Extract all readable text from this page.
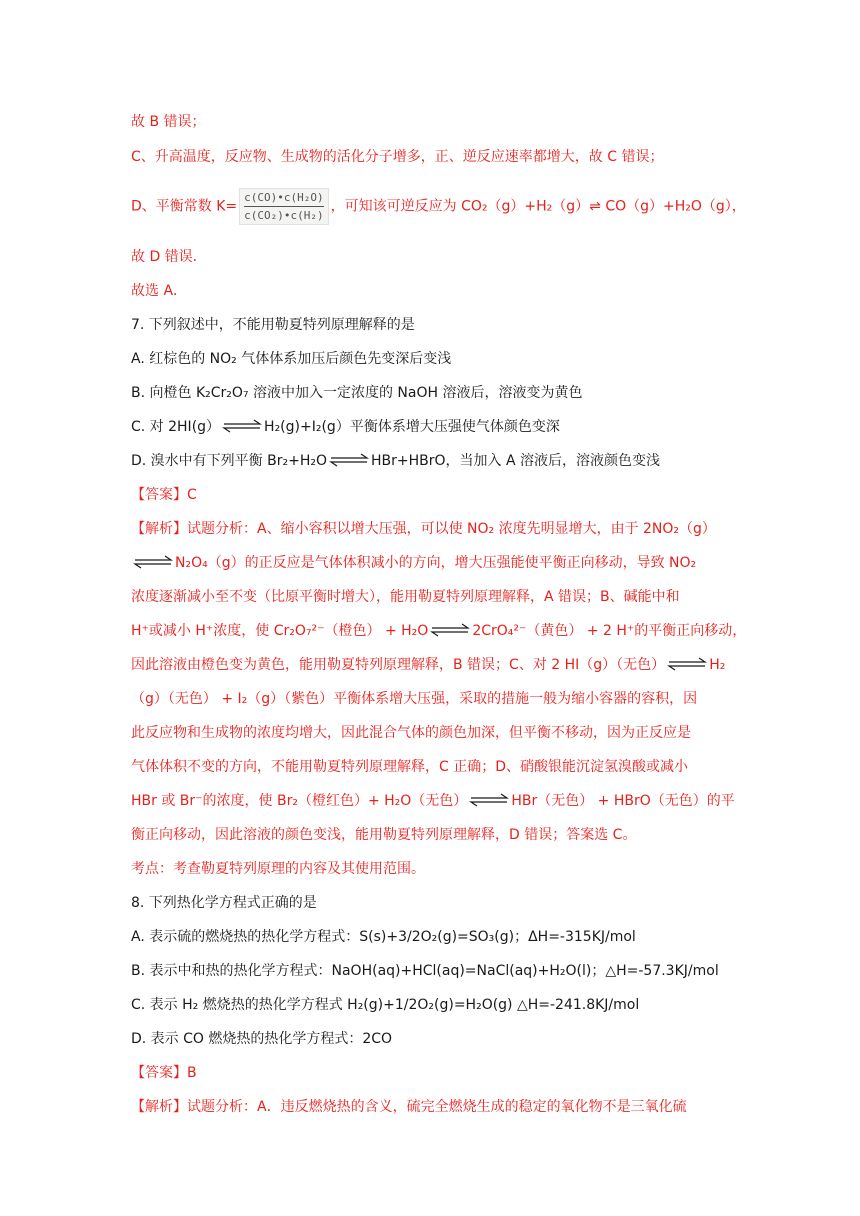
故 B 错误；
C、升高温度，反应物、生成物的活化分子增多，正、逆反应速率都增大，故 C 错误；
D、平衡常数 $K= \frac{\text{c(CO)•c(H₂O)}}{\text{c(CO₂)•c(H₂)}}$ ，可知该可逆反应为 CO₂（g）+H₂（g）⇌ CO（g）+H₂O（g），
故 D 错误．
故选 A．
7. 下列叙述中，不能用勒夏特列原理解释的是
A. 红棕色的 NO₂ 气体体系加压后颜色先变深后变浅
B. 向橙色 K₂Cr₂O₇ 溶液中加入一定浓度的 NaOH 溶液后，溶液变为黄色
C. 对 2HI(g） ⇌ H₂(g)+I₂(g）平衡体系增大压强使气体颜色变深
D. 溴水中有下列平衡 Br₂+H₂O ⇌ HBr+HBrO，当加入 A 溶液后，溶液颜色变浅
【答案】C
【解析】试题分析：A、缩小容积以增大压强，可以使 NO₂ 浓度先明显增大，由于 2NO₂（g）
⇌ N₂O₄（g）的正反应是气体体积减小的方向，增大压强能使平衡正向移动，导致 NO₂
浓度逐渐减小至不变（比原平衡时增大），能用勒夏特列原理解释，A 错误；B、碱能中和
H⁺或减小 H⁺浓度，使 Cr₂O₇²⁻（橙色） + H₂O ⇌ 2CrO₄²⁻（黄色） + 2 H⁺的平衡正向移动，
因此溶液由橙色变为黄色，能用勒夏特列原理解释，B 错误；C、对 2 HI（g）（无色） ⇌ H₂
（g）（无色） + I₂（g）（紫色）平衡体系增大压强，采取的措施一般为缩小容器的容积，因
此反应物和生成物的浓度均增大，因此混合气体的颜色加深，但平衡不移动，因为正反应是
气体体积不变的方向，不能用勒夏特列原理解释，C 正确；D、硝酸银能沉淀氢溴酸或减小
HBr 或 Br⁻的浓度，使 Br₂（橙红色）+ H₂O（无色） ⇌ HBr（无色） + HBrO（无色）的平
衡正向移动，因此溶液的颜色变浅，能用勒夏特列原理解释，D 错误；答案选 C。
考点：考查勒夏特列原理的内容及其使用范围。
8. 下列热化学方程式正确的是
A. 表示硫的燃烧热的热化学方程式：S(s)+3/2O₂(g)=SO₃(g)；ΔH=-315KJ/mol
B. 表示中和热的热化学方程式：NaOH(aq)+HCl(aq)=NaCl(aq)+H₂O(l)；△H=-57.3KJ/mol
C. 表示 H₂ 燃烧热的热化学方程式 H₂(g)+1/2O₂(g)=H₂O(g) △H=-241.8KJ/mol
D. 表示 CO 燃烧热的热化学方程式：2CO
【答案】B
【解析】试题分析：A．违反燃烧热的含义，硫完全燃烧生成的稳定的氧化物不是三氧化硫
